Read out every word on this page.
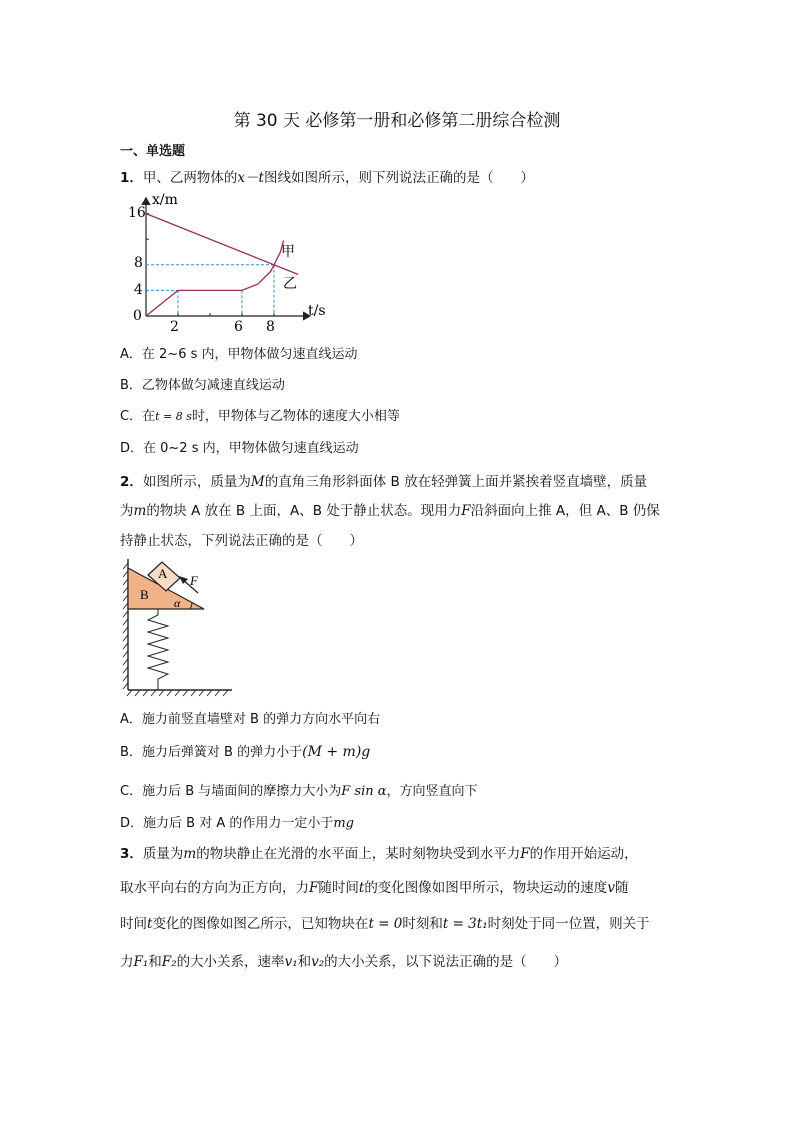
第 30 天 必修第一册和必修第二册综合检测
一、单选题
1．甲、乙两物体的x－t图线如图所示，则下列说法正确的是（　　）
x/m
t/s
16
8
4
0
2	6 8
甲
乙
A．在 2~6 s 内，甲物体做匀速直线运动
B．乙物体做匀减速直线运动
C．在t = 8 s时，甲物体与乙物体的速度大小相等
D．在 0~2 s 内，甲物体做匀速直线运动
2．如图所示，质量为M的直角三角形斜面体 B 放在轻弹簧上面并紧挨着竖直墙壁，质量
为m的物块 A 放在 B 上面，A、B 处于静止状态。现用力F沿斜面向上推 A，但 A、B 仍保
持静止状态，下列说法正确的是（　　）
A
B
F
α
A．施力前竖直墙壁对 B 的弹力方向水平向右
B．施力后弹簧对 B 的弹力小于(M + m)g
C．施力后 B 与墙面间的摩擦力大小为F sin α，方向竖直向下
D．施力后 B 对 A 的作用力一定小于mg
3．质量为m的物块静止在光滑的水平面上，某时刻物块受到水平力F的作用开始运动，
取水平向右的方向为正方向，力F随时间t的变化图像如图甲所示，物块运动的速度v随
时间t变化的图像如图乙所示，已知物块在t = 0时刻和t = 3t₁时刻处于同一位置，则关于
力F₁和F₂的大小关系，速率v₁和v₂的大小关系，以下说法正确的是（　　）
